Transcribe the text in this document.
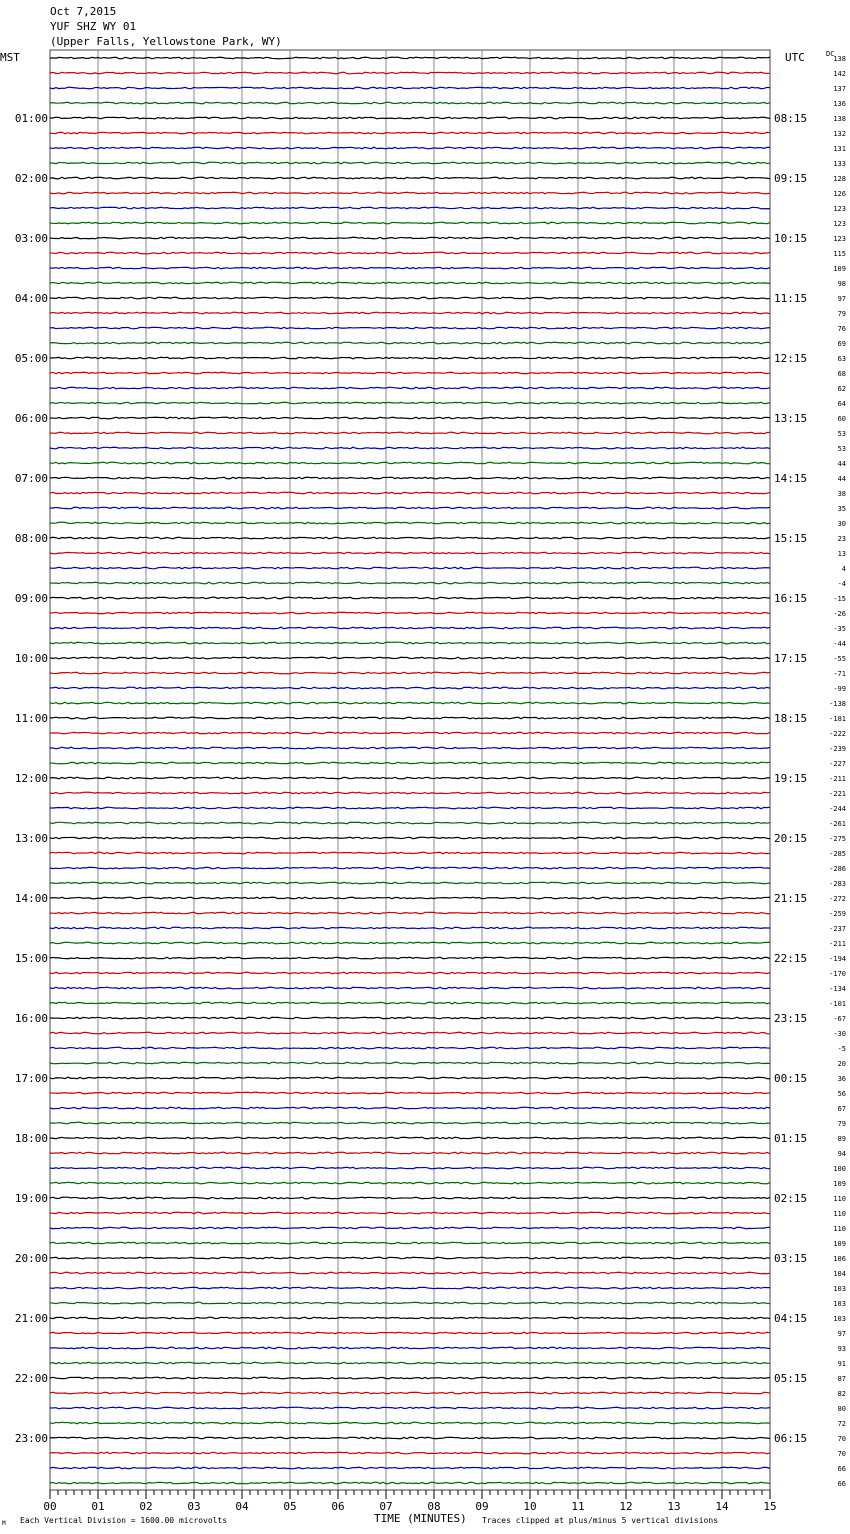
Oct 7,2015
YUF SHZ WY 01
(Upper Falls, Yellowstone Park, WY)
MST	UTC	DC
01:00
02:00
03:00
04:00
05:00
06:00
07:00
08:00
09:00
10:00
11:00
12:00
13:00
14:00
15:00
16:00
17:00
18:00
19:00
20:00
21:00
22:00
23:00
08:15
09:15
10:15
11:15
12:15
13:15
14:15
15:15
16:15
17:15
18:15
19:15
20:15
21:15
22:15
23:15
00:15
01:15
02:15
03:15
04:15
05:15
06:15
138
142
137
136
138
132
131
133
128
126
123
123
123
115
109
98
97
79
76
69
63
68
62
64
60
53
53
44
44
38
35
30
23
13
4
-4
-15
-26
-35
-44
-55
-71
-99
-138
-181
-222
-239
-227
-211
-221
-244
-261
-275
-285
-286
-283
-272
-259
-237
-211
-194
-170
-134
-101
-67
-30
-5
20
36
56
67
79
89
94
100
109
110
110
110
109
106
104
103
103
103
97
93
91
87
82
80
72
70
70
66
66
00	01	02	03	04	05	06	07	08	09	10	11	12	13	14	15
M Each Vertical Division = 1600.00 microvolts	TIME (MINUTES) Traces clipped at plus/minus 5 vertical divisions
